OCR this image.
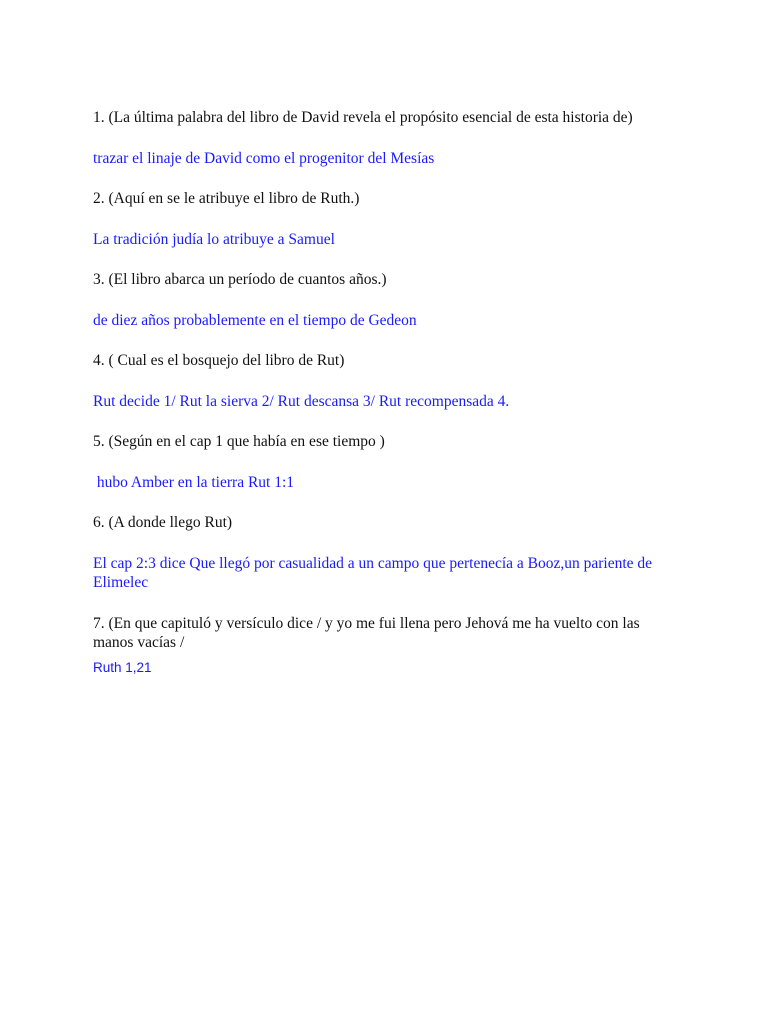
1. (La última palabra del libro de David revela el propósito esencial de esta historia de)

trazar el linaje de David como el progenitor del Mesías

2. (Aquí en se le atribuye el libro de Ruth.)

La tradición judía lo atribuye a Samuel

3. (El libro abarca un período de cuantos años.)

de diez años probablemente en el tiempo de Gedeon

4. ( Cual es el bosquejo del libro de Rut)

Rut decide 1/ Rut la sierva 2/ Rut descansa 3/ Rut recompensada 4.

5. (Según en el cap 1 que había en ese tiempo )

hubo Amber en la tierra Rut 1:1

6. (A donde llego Rut)

El cap 2:3 dice Que llegó por casualidad a un campo que pertenecía a Booz,un pariente de Elimelec

7. (En que capituló y versículo dice / y yo me fui llena pero Jehová me ha vuelto con las manos vacías /

Ruth 1,21
